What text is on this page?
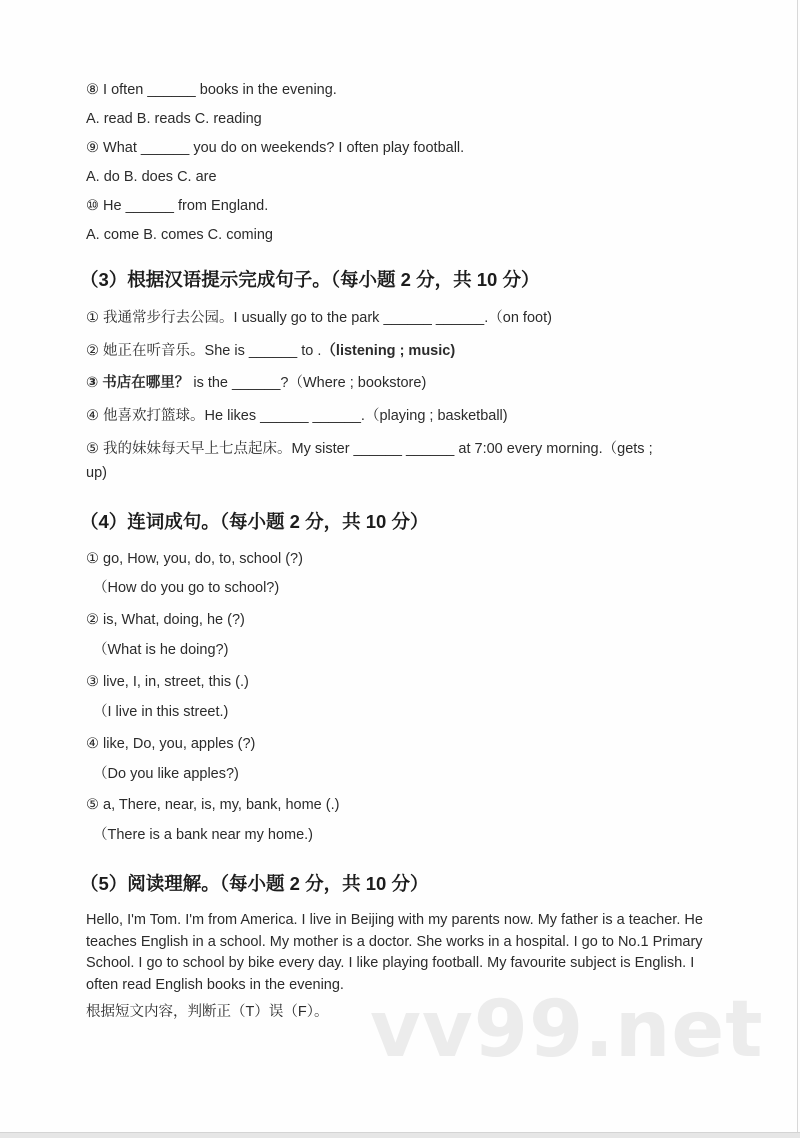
vv99.net
⑧ I often ______ books in the evening.
A. read B. reads C. reading
⑨ What ______ you do on weekends? I often play football.
A. do B. does C. are
⑩ He ______ from England.
A. come B. comes C. coming
（3）根据汉语提示完成句子。（每小题 2 分，共 10 分）
① 我通常步行去公园。I usually go to the park ______ ______.（on foot)
② 她正在听音乐。She is ______ to .（listening ; music)
③ 书店在哪里？ is the ______?（Where ; bookstore)
④ 他喜欢打篮球。He likes ______ ______.（playing ; basketball)
⑤ 我的妹妹每天早上七点起床。My sister ______ ______ at 7:00 every morning.（gets ;
up)
（4）连词成句。（每小题 2 分，共 10 分）
① go, How, you, do, to, school (?)
（How do you go to school?)
② is, What, doing, he (?)
（What is he doing?)
③ live, I, in, street, this (.)
（I live in this street.)
④ like, Do, you, apples (?)
（Do you like apples?)
⑤ a, There, near, is, my, bank, home (.)
（There is a bank near my home.)
（5）阅读理解。（每小题 2 分，共 10 分）
Hello, I'm Tom. I'm from America. I live in Beijing with my parents now. My father is a teacher. He teaches English in a school. My mother is a doctor. She works in a hospital. I go to No.1 Primary School. I go to school by bike every day. I like playing football. My favourite subject is English. I often read English books in the evening.
根据短文内容，判断正（T）误（F）。
